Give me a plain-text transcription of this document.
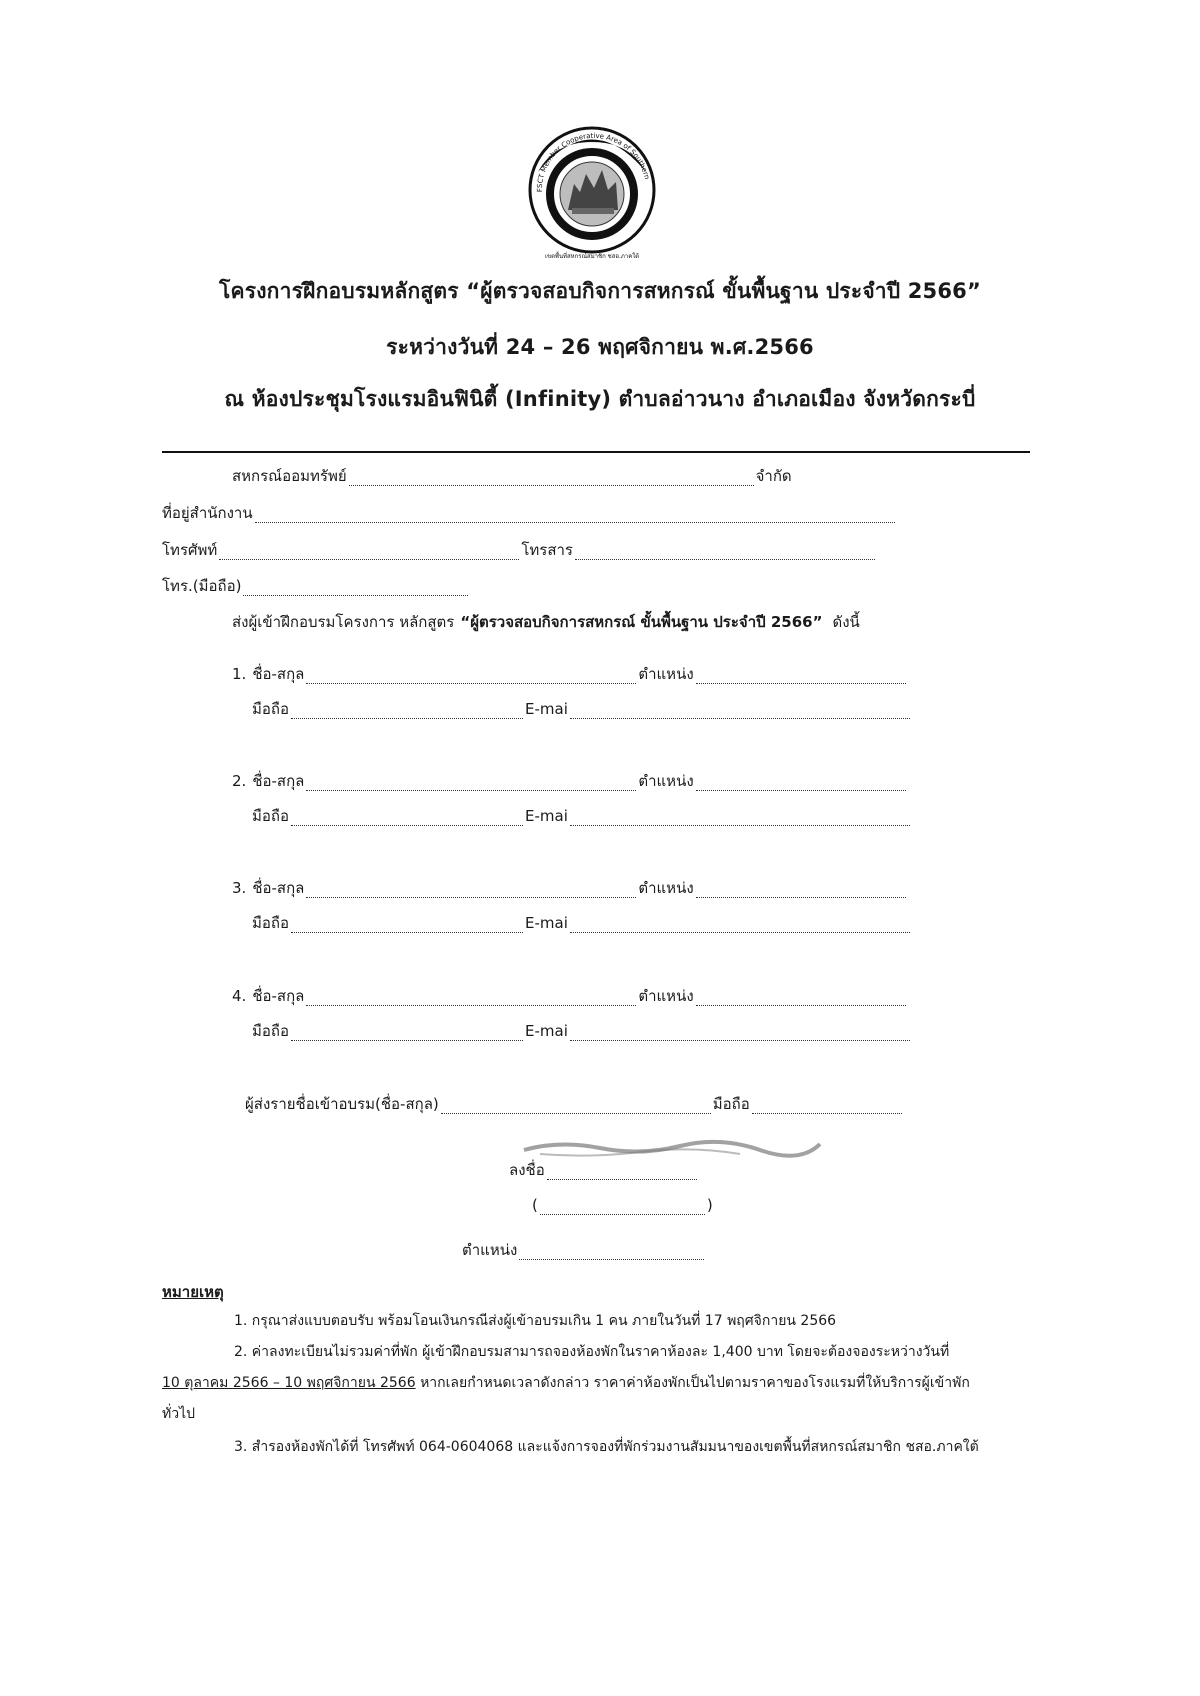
FSCT Member Cooperative Area of Southern
เขตพื้นที่สหกรณ์สมาชิก ชสอ.ภาคใต้
โครงการฝึกอบรมหลักสูตร “ผู้ตรวจสอบกิจการสหกรณ์ ขั้นพื้นฐาน ประจำปี 2566”
ระหว่างวันที่ 24 – 26 พฤศจิกายน พ.ศ.2566
ณ ห้องประชุมโรงแรมอินฟินิตี้ (Infinity) ตำบลอ่าวนาง อำเภอเมือง จังหวัดกระบี่
สหกรณ์ออมทรัพย์	จำกัด
ที่อยู่สำนักงาน
โทรศัพท์	โทรสาร
โทร.(มือถือ)
ส่งผู้เข้าฝึกอบรมโครงการ หลักสูตร “ผู้ตรวจสอบกิจการสหกรณ์ ขั้นพื้นฐาน ประจำปี 2566” ดังนี้
1. ชื่อ-สกุล	ตำแหน่ง
มือถือ	E-mai
2. ชื่อ-สกุล	ตำแหน่ง
มือถือ	E-mai
3. ชื่อ-สกุล	ตำแหน่ง
มือถือ	E-mai
4. ชื่อ-สกุล	ตำแหน่ง
มือถือ	E-mai
ผู้ส่งรายชื่อเข้าอบรม(ชื่อ-สกุล)	มือถือ
ลงชื่อ
(	)
ตำแหน่ง
หมายเหตุ
1. กรุณาส่งแบบตอบรับ พร้อมโอนเงินกรณีส่งผู้เข้าอบรมเกิน 1 คน ภายในวันที่ 17 พฤศจิกายน 2566
2. ค่าลงทะเบียนไม่รวมค่าที่พัก ผู้เข้าฝึกอบรมสามารถจองห้องพักในราคาห้องละ 1,400 บาท โดยจะต้องจองระหว่างวันที่
10 ตุลาคม 2566 – 10 พฤศจิกายน 2566 หากเลยกำหนดเวลาดังกล่าว ราคาค่าห้องพักเป็นไปตามราคาของโรงแรมที่ให้บริการผู้เข้าพัก
ทั่วไป
3. สำรองห้องพักได้ที่ โทรศัพท์ 064-0604068 และแจ้งการจองที่พักร่วมงานสัมมนาของเขตพื้นที่สหกรณ์สมาชิก ชสอ.ภาคใต้
